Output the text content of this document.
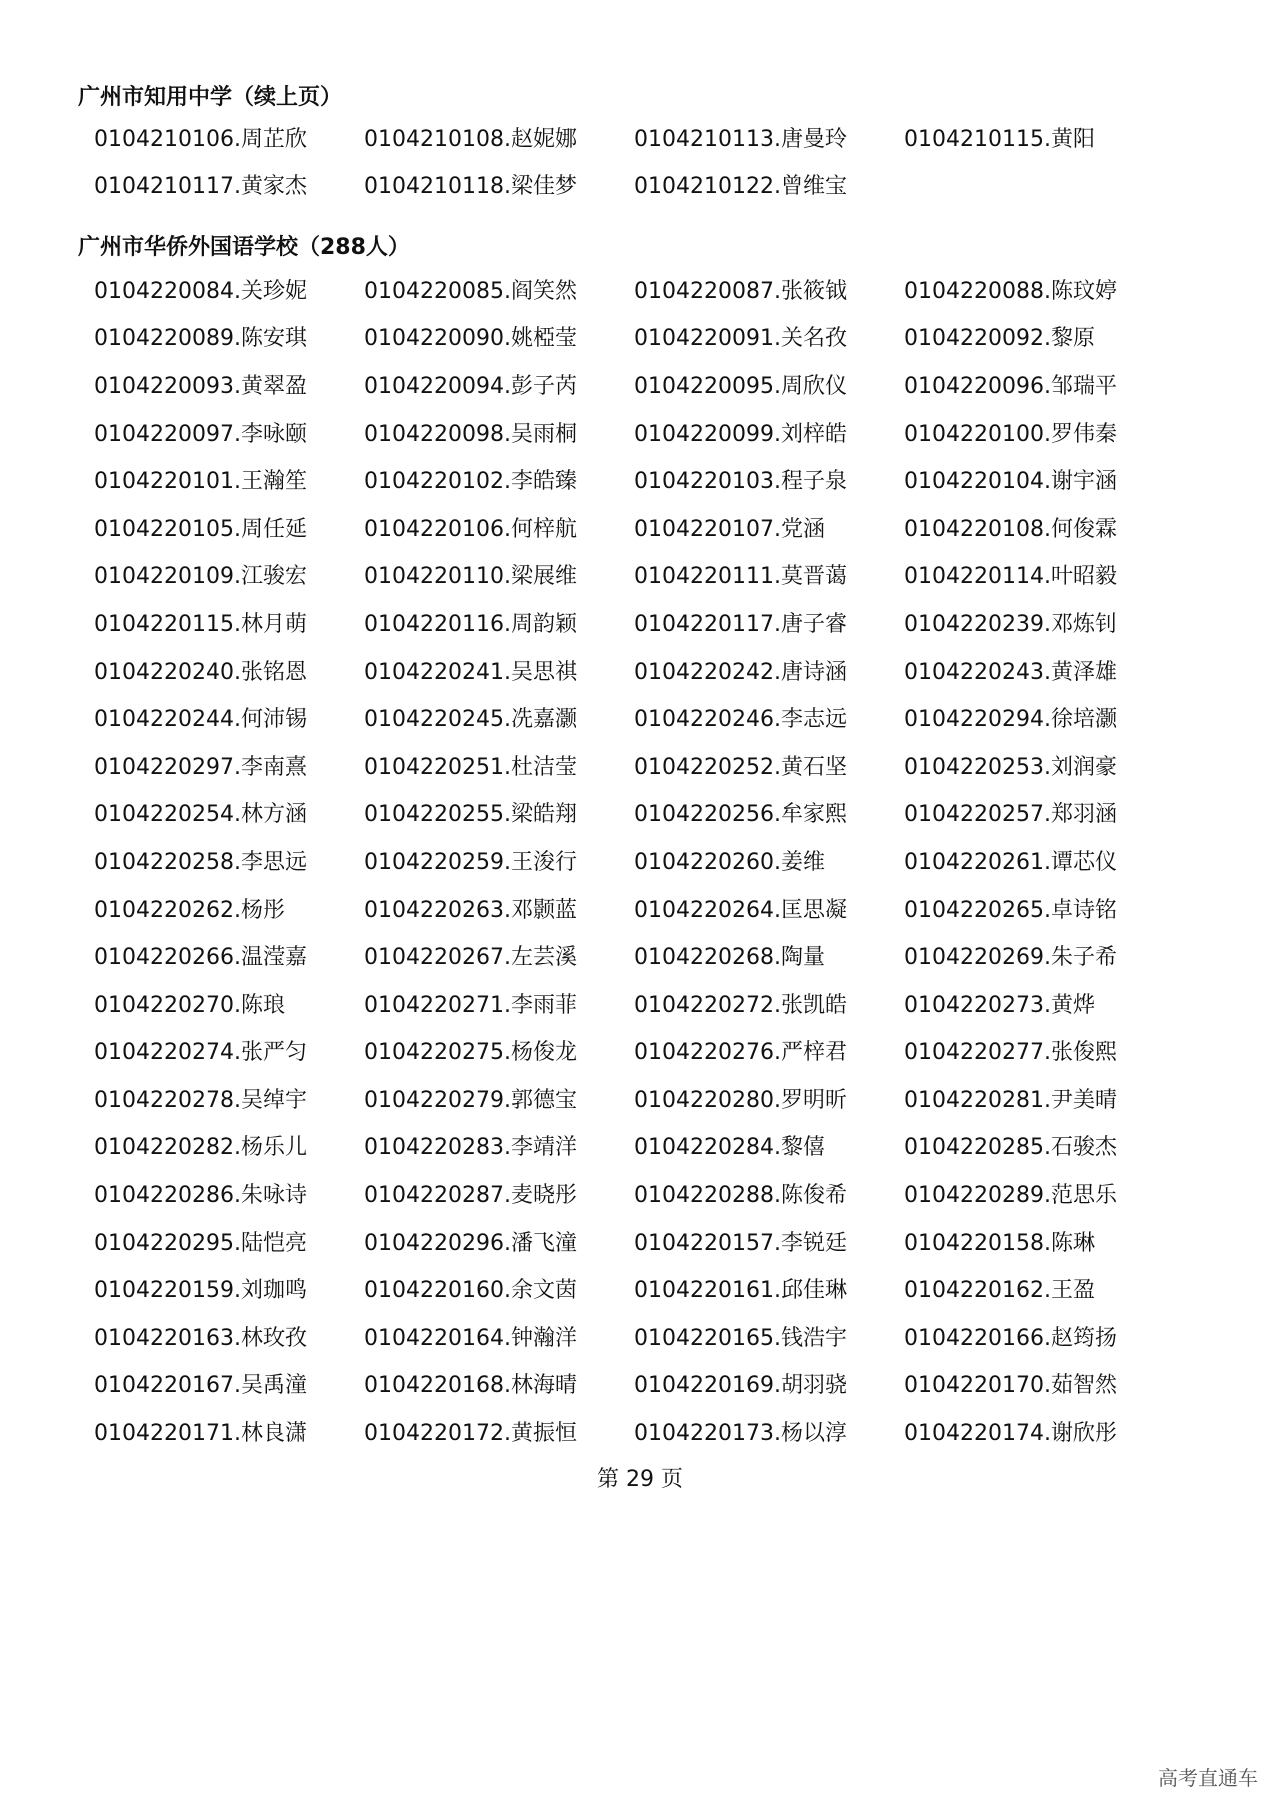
广州市知用中学（续上页）
0104210106.周芷欣	0104210108.赵妮娜	0104210113.唐曼玲	0104210115.黄阳
0104210117.黄家杰	0104210118.梁佳梦	0104210122.曾维宝
广州市华侨外国语学校（288人）
0104220084.关珍妮	0104220085.阎笑然	0104220087.张筱钺	0104220088.陈玟婷
0104220089.陈安琪	0104220090.姚椏莹	0104220091.关名孜	0104220092.黎原
0104220093.黄翠盈	0104220094.彭子芮	0104220095.周欣仪	0104220096.邹瑞平
0104220097.李咏颐	0104220098.吴雨桐	0104220099.刘梓皓	0104220100.罗伟秦
0104220101.王瀚笙	0104220102.李皓臻	0104220103.程子泉	0104220104.谢宇涵
0104220105.周任延	0104220106.何梓航	0104220107.党涵	0104220108.何俊霖
0104220109.江骏宏	0104220110.梁展维	0104220111.莫晋蔼	0104220114.叶昭毅
0104220115.林月萌	0104220116.周韵颖	0104220117.唐子睿	0104220239.邓炼钊
0104220240.张铭恩	0104220241.吴思祺	0104220242.唐诗涵	0104220243.黄泽雄
0104220244.何沛锡	0104220245.冼嘉灏	0104220246.李志远	0104220294.徐培灏
0104220297.李南熹	0104220251.杜洁莹	0104220252.黄石坚	0104220253.刘润豪
0104220254.林方涵	0104220255.梁皓翔	0104220256.牟家熙	0104220257.郑羽涵
0104220258.李思远	0104220259.王浚行	0104220260.姜维	0104220261.谭芯仪
0104220262.杨彤	0104220263.邓颢蓝	0104220264.匡思凝	0104220265.卓诗铭
0104220266.温滢嘉	0104220267.左芸溪	0104220268.陶量	0104220269.朱子希
0104220270.陈琅	0104220271.李雨菲	0104220272.张凯皓	0104220273.黄烨
0104220274.张严匀	0104220275.杨俊龙	0104220276.严梓君	0104220277.张俊熙
0104220278.吴绰宇	0104220279.郭德宝	0104220280.罗明昕	0104220281.尹美晴
0104220282.杨乐儿	0104220283.李靖洋	0104220284.黎僖	0104220285.石骏杰
0104220286.朱咏诗	0104220287.麦晓彤	0104220288.陈俊希	0104220289.范思乐
0104220295.陆恺亮	0104220296.潘飞潼	0104220157.李锐廷	0104220158.陈琳
0104220159.刘珈鸣	0104220160.余文茵	0104220161.邱佳琳	0104220162.王盈
0104220163.林玫孜	0104220164.钟瀚洋	0104220165.钱浩宇	0104220166.赵筠扬
0104220167.吴禹潼	0104220168.林海晴	0104220169.胡羽骁	0104220170.茹智然
0104220171.林良潇	0104220172.黄振恒	0104220173.杨以淳	0104220174.谢欣彤
第 29 页
高考直通车
